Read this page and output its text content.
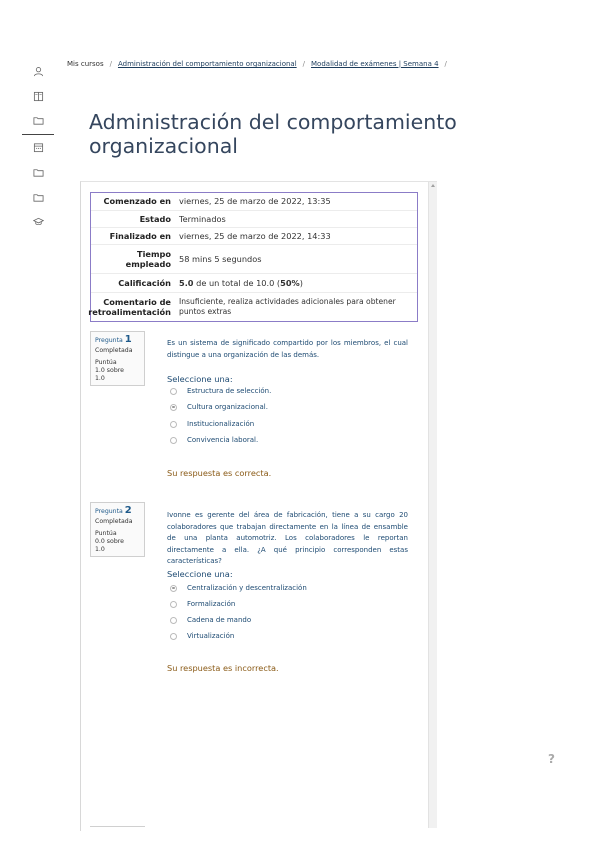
Mis cursos / Administración del comportamiento organizacional / Modalidad de exámenes | Semana 4 /
Administración del comportamiento organizacional
Comenzado en viernes, 25 de marzo de 2022, 13:35
Estado Terminados
Finalizado en viernes, 25 de marzo de 2022, 14:33
Tiempo empleado
58 mins 5 segundos
Calificación 5.0 de un total de 10.0 ( 50% )
Comentario de retroalimentación
Insuficiente, realiza actividades adicionales para obtener puntos extras
Pregunta 1
Completada
Puntúa 1.0 sobre 1.0
Es un sistema de significado compartido por los miembros, el cual distingue a una organización de las demás.
Seleccione una:
Estructura de selección.
Cultura organizacional.
Institucionalización
Convivencia laboral.
Su respuesta es correcta.
Pregunta 2
Completada
Puntúa 0.0 sobre 1.0
Ivonne es gerente del área de fabricación, tiene a su cargo 20 colaboradores que trabajan directamente en la línea de ensamble de una planta automotriz. Los colaboradores le reportan directamente a ella. ¿A qué principio corresponden estas características?
Seleccione una:
Centralización y descentralización
Formalización
Cadena de mando
Virtualización
Su respuesta es incorrecta.
?
